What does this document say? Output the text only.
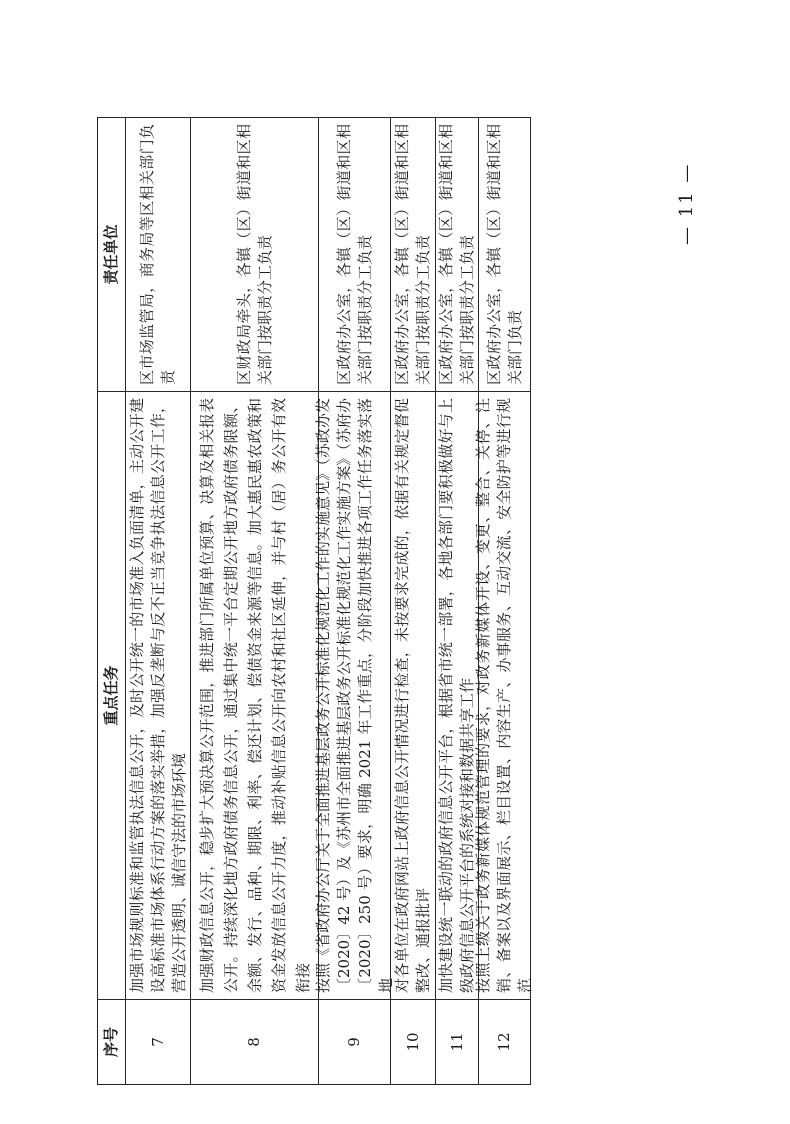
序号
重点任务
责任单位
7
加强市场规则标准和监管执法信息公开，及时公开统一的市场准入负面清单，主动公开建设高标准市场体系行动方案的落实举措，加强反垄断与反不正当竞争执法信息公开工作，营造公开透明、诚信守法的市场环境
区市场监管局，商务局等区相关部门负责
8
加强财政信息公开，稳步扩大预决算公开范围，推进部门所属单位预算、决算及相关报表公开。持续深化地方政府债务信息公开，通过集中统一平台定期公开地方政府债务限额、余额、发行、品种、期限、利率、偿还计划、偿债资金来源等信息。加大惠民惠农政策和资金发放信息公开力度，推动补贴信息公开向农村和社区延伸，并与村（居）务公开有效衔接
区财政局牵头，各镇（区）街道和区相关部门按职责分工负责
9
按照《省政府办公厅关于全面推进基层政务公开标准化规范化工作的实施意见》（苏政办发〔2020〕42 号）及《苏州市全面推进基层政务公开标准化规范化工作实施方案》（苏府办〔2020〕250 号）要求，明确 2021 年工作重点，分阶段加快推进各项工作任务落实落地
区政府办公室，各镇（区）街道和区相关部门按职责分工负责
10
对各单位在政府网站上政府信息公开情况进行检查，未按要求完成的，依据有关规定督促整改、通报批评
区政府办公室，各镇（区）街道和区相关部门按职责分工负责
11
加快建设统一联动的政府信息公开平台，根据省市统一部署，各地各部门要积极做好与上级政府信息公开平台的系统对接和数据共享工作
区政府办公室，各镇（区）街道和区相关部门按职责分工负责
12
按照上级关于政务新媒体规范管理的要求，对政务新媒体开设、变更、整合、关停、注销、备案以及界面展示、栏目设置、内容生产、办事服务、互动交流、安全防护等进行规范
区政府办公室，各镇（区）街道和区相关部门负责
— 11 —
